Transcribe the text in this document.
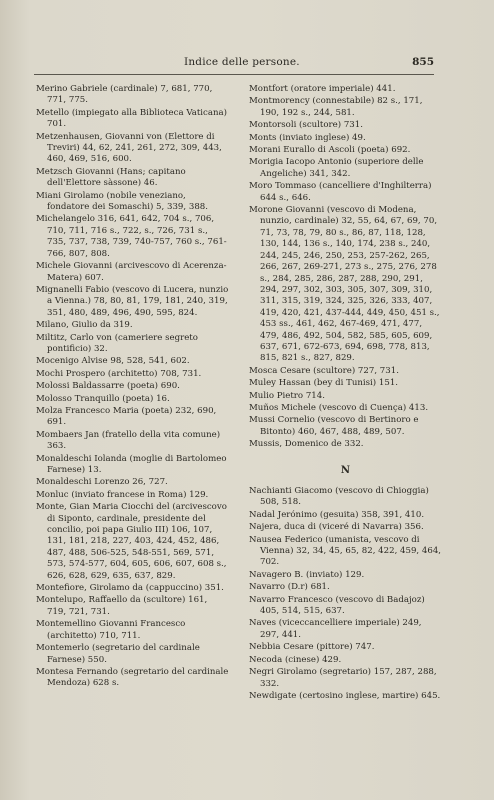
Indice delle persone.	855
Merino Gabriele (cardinale) 7, 681, 770, 771, 775.
Metello (impiegato alla Biblioteca Vaticana) 701.
Metzenhausen, Giovanni von (Elettore di Treviri) 44, 62, 241, 261, 272, 309, 443, 460, 469, 516, 600.
Metzsch Giovanni (Hans; capitano dell'Elettore sàssone) 46.
Miani Girolamo (nobile veneziano, fondatore dei Somaschi) 5, 339, 388.
Michelangelo 316, 641, 642, 704 s., 706, 710, 711, 716 s., 722, s., 726, 731 s., 735, 737, 738, 739, 740-757, 760 s., 761-766, 807, 808.
Michele Giovanni (arcivescovo di Acerenza-Matera) 607.
Mignanelli Fabio (vescovo di Lucera, nunzio a Vienna.) 78, 80, 81, 179, 181, 240, 319, 351, 480, 489, 496, 490, 595, 824.
Milano, Giulio da 319.
Miltitz, Carlo von (cameriere segreto pontificio) 32.
Mocenigo Alvise 98, 528, 541, 602.
Mochi Prospero (architetto) 708, 731.
Molossi Baldassarre (poeta) 690.
Molosso Tranquillo (poeta) 16.
Molza Francesco Maria (poeta) 232, 690, 691.
Mombaers Jan (fratello della vita comune) 363.
Monaldeschi Iolanda (moglie di Bartolomeo Farnese) 13.
Monaldeschi Lorenzo 26, 727.
Monluc (inviato francese in Roma) 129.
Monte, Gian Maria Ciocchi del (arcivescovo di Siponto, cardinale, presidente del concilio, poi papa Giulio III) 106, 107, 131, 181, 218, 227, 403, 424, 452, 486, 487, 488, 506-525, 548-551, 569, 571, 573, 574-577, 604, 605, 606, 607, 608 s., 626, 628, 629, 635, 637, 829.
Montefiore, Girolamo da (cappuccino) 351.
Montelupo, Raffaello da (scultore) 161, 719, 721, 731.
Montemellino Giovanni Francesco (architetto) 710, 711.
Montemerlo (segretario del cardinale Farnese) 550.
Montesa Fernando (segretario del cardinale Mendoza) 628 s.
Montfort (oratore imperiale) 441.
Montmorency (connestabile) 82 s., 171, 190, 192 s., 244, 581.
Montorsoli (scultore) 731.
Monts (inviato inglese) 49.
Morani Eurallo di Ascoli (poeta) 692.
Morigia Iacopo Antonio (superiore delle Angeliche) 341, 342.
Moro Tommaso (cancelliere d'Inghilterra) 644 s., 646.
Morone Giovanni (vescovo di Modena, nunzio, cardinale) 32, 55, 64, 67, 69, 70, 71, 73, 78, 79, 80 s., 86, 87, 118, 128, 130, 144, 136 s., 140, 174, 238 s., 240, 244, 245, 246, 250, 253, 257-262, 265, 266, 267, 269-271, 273 s., 275, 276, 278 s., 284, 285, 286, 287, 288, 290, 291, 294, 297, 302, 303, 305, 307, 309, 310, 311, 315, 319, 324, 325, 326, 333, 407, 419, 420, 421, 437-444, 449, 450, 451 s., 453 ss., 461, 462, 467-469, 471, 477, 479, 486, 492, 504, 582, 585, 605, 609, 637, 671, 672-673, 694, 698, 778, 813, 815, 821 s., 827, 829.
Mosca Cesare (scultore) 727, 731.
Muley Hassan (bey di Tunisi) 151.
Mulio Pietro 714.
Muños Michele (vescovo di Cuença) 413.
Mussi Cornelio (vescovo di Bertinoro e Bitonto) 460, 467, 488, 489, 507.
Mussis, Domenico de 332.
N
Nachianti Giacomo (vescovo di Chioggia) 508, 518.
Nadal Jerónimo (gesuita) 358, 391, 410.
Najera, duca di (viceré di Navarra) 356.
Nausea Federico (umanista, vescovo di Vienna) 32, 34, 45, 65, 82, 422, 459, 464, 702.
Navagero B. (inviato) 129.
Navarro (D.r) 681.
Navarro Francesco (vescovo di Badajoz) 405, 514, 515, 637.
Naves (viceccancelliere imperiale) 249, 297, 441.
Nebbia Cesare (pittore) 747.
Necoda (cinese) 429.
Negri Girolamo (segretario) 157, 287, 288, 332.
Newdigate (certosino inglese, martire) 645.
